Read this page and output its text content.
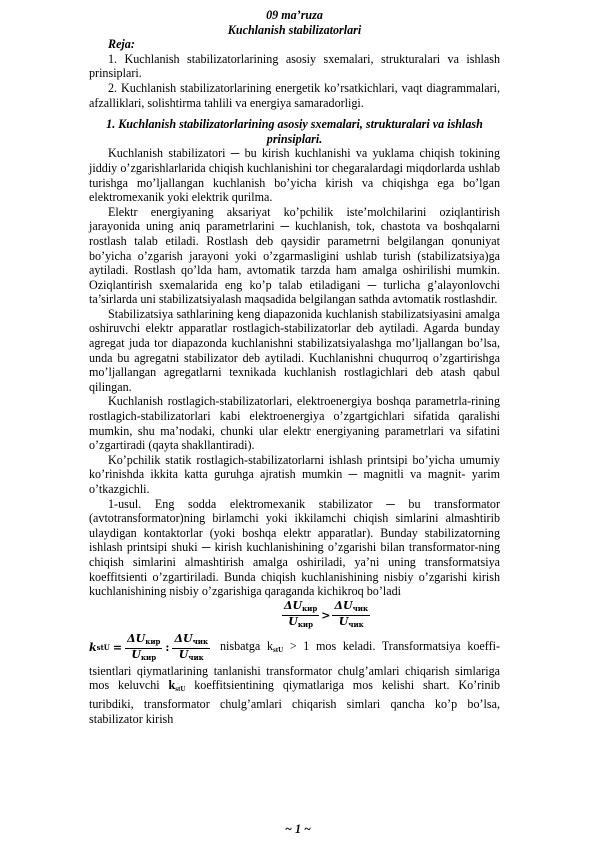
09 ma’ruza
Kuchlanish stabilizatorlari
Reja:

1. Kuchlanish stabilizatorlarining asosiy sxemalari, strukturalari va ishlash prinsiplari.

2. Kuchlanish stabilizatorlarining energetik ko’rsatkichlari, vaqt diagrammalari, afzalliklari, solishtirma tahlili va energiya samaradorligi.

1. Kuchlanish stabilizatorlarining asosiy sxemalari, strukturalari va ishlash prinsiplari.

Kuchlanish stabilizatori ─ bu kirish kuchlanishi va yuklama chiqish tokining jiddiy o’zgarishlarlarida chiqish kuchlanishini tor chegaralardagi miqdorlarda ushlab turishga mo’ljallangan kuchlanish bo’yicha kirish va chiqishga ega bo’lgan elektromexanik yoki elektrik qurilma.

Elektr energiyaning aksariyat ko’pchilik iste’molchilarini oziqlantirish jarayonida uning aniq parametrlarini ─ kuchlanish, tok, chastota va boshqalarni rostlash talab etiladi. Rostlash deb qaysidir parametrni belgilangan qonuniyat bo’yicha o’zgarish jarayoni yoki o’zgarmasligini ushlab turish (stabilizatsiya)ga aytiladi. Rostlash qo’lda ham, avtomatik tarzda ham amalga oshirilishi mumkin. Oziqlantirish sxemalarida eng ko’p talab etiladigani ─ turlicha g’alayonlovchi ta’sirlarda uni stabilizatsiyalash maqsadida belgilangan sathda avtomatik rostlashdir.

Stabilizatsiya sathlarining keng diapazonida kuchlanish stabilizatsiyasini amalga oshiruvchi elektr apparatlar rostlagich-stabilizatorlar deb aytiladi. Agarda bunday agregat juda tor diapazonda kuchlanishni stabilizatsiyalashga mo’ljallangan bo’lsa, unda bu agregatni stabilizator deb aytiladi. Kuchlanishni chuqurroq o’zgartirishga mo’ljallangan agregatlarni texnikada kuchlanish rostlagichlari deb atash qabul qilingan.

Kuchlanish rostlagich-stabilizatorlari, elektroenergiya boshqa parametrla-rining rostlagich-stabilizatorlari kabi elektroenergiya o’zgartgichlari sifatida qaralishi mumkin, shu ma’nodaki, chunki ular elektr energiyaning parametrlari va sifatini o’zgartiradi (qayta shakllantiradi).

Ko’pchilik statik rostlagich-stabilizatorlarni ishlash printsipi bo’yicha umumiy ko’rinishda ikkita katta guruhga ajratish mumkin ─ magnitli va magnit- yarim o’tkazgichli.

1-usul. Eng sodda elektromexanik stabilizator ─ bu transformator (avtotransformator)ning birlamchi yoki ikkilamchi chiqish simlarini almashtirib ulaydigan kontaktorlar (yoki boshqa elektr apparatlar). Bunday stabilizatorning ishlash printsipi shuki ─ kirish kuchlanishining o’zgarishi bilan transformator-ning chiqish simlarini almashtirish amalga oshiriladi, ya’ni uning transformatsiya koeffitsienti o’zgartiriladi. Bunda chiqish kuchlanishining nisbiy o’zgarishi kirish kuchlanishining nisbiy o’zgarishiga qaraganda kichikroq bo’ladi

$\frac{\Delta U_{кир}}{U_{кир}} > \frac{\Delta U_{чик}}{U_{чик}}$
k stU = $\frac{\Delta U_{кир}}{U_{кир}}$ : $\frac{\Delta U_{чик}}{U_{чик}}$ nisbatga $k_{stU} > 1$ mos keladi. Transformatsiya koeffi-

tsientlari qiymatlarining tanlanishi transformator chulg’amlari chiqarish simlariga mos keluvchi $k_{stU}$ koeffitsientining qiymatlariga mos kelishi shart. Ko’rinib turibdiki, transformator chulg’amlari chiqarish simlari qancha ko’p bo’lsa, stabilizator kirish

~ 1 ~
